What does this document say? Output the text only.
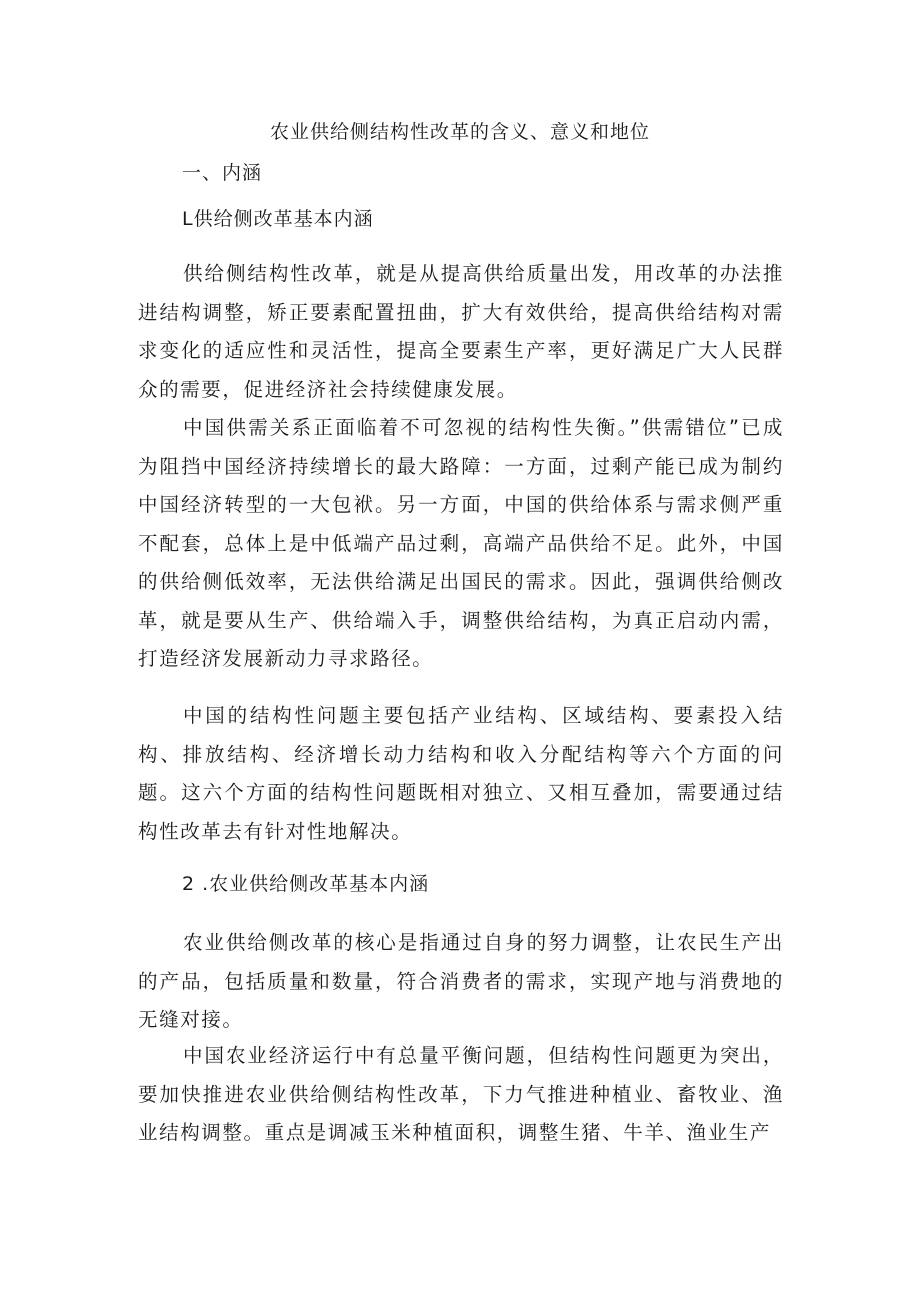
农业供给侧结构性改革的含义、意义和地位
一、内涵
L供给侧改革基本内涵

供给侧结构性改革，就是从提高供给质量出发，用改革的办法推进结构调整，矫正要素配置扭曲，扩大有效供给，提高供给结构对需求变化的适应性和灵活性，提高全要素生产率，更好满足广大人民群众的需要，促进经济社会持续健康发展。

中国供需关系正面临着不可忽视的结构性失衡。”供需错位”已成为阻挡中国经济持续增长的最大路障：一方面，过剩产能已成为制约中国经济转型的一大包袱。另一方面，中国的供给体系与需求侧严重不配套，总体上是中低端产品过剩，高端产品供给不足。此外，中国的供给侧低效率，无法供给满足出国民的需求。因此，强调供给侧改革，就是要从生产、供给端入手，调整供给结构，为真正启动内需，打造经济发展新动力寻求路径。

中国的结构性问题主要包括产业结构、区域结构、要素投入结构、排放结构、经济增长动力结构和收入分配结构等六个方面的问题。这六个方面的结构性问题既相对独立、又相互叠加，需要通过结构性改革去有针对性地解决。

2 .农业供给侧改革基本内涵

农业供给侧改革的核心是指通过自身的努力调整，让农民生产出的产品，包括质量和数量，符合消费者的需求，实现产地与消费地的无缝对接。

中国农业经济运行中有总量平衡问题，但结构性问题更为突出，要加快推进农业供给侧结构性改革，下力气推进种植业、畜牧业、渔业结构调整。重点是调减玉米种植面积，调整生猪、牛羊、渔业生产
